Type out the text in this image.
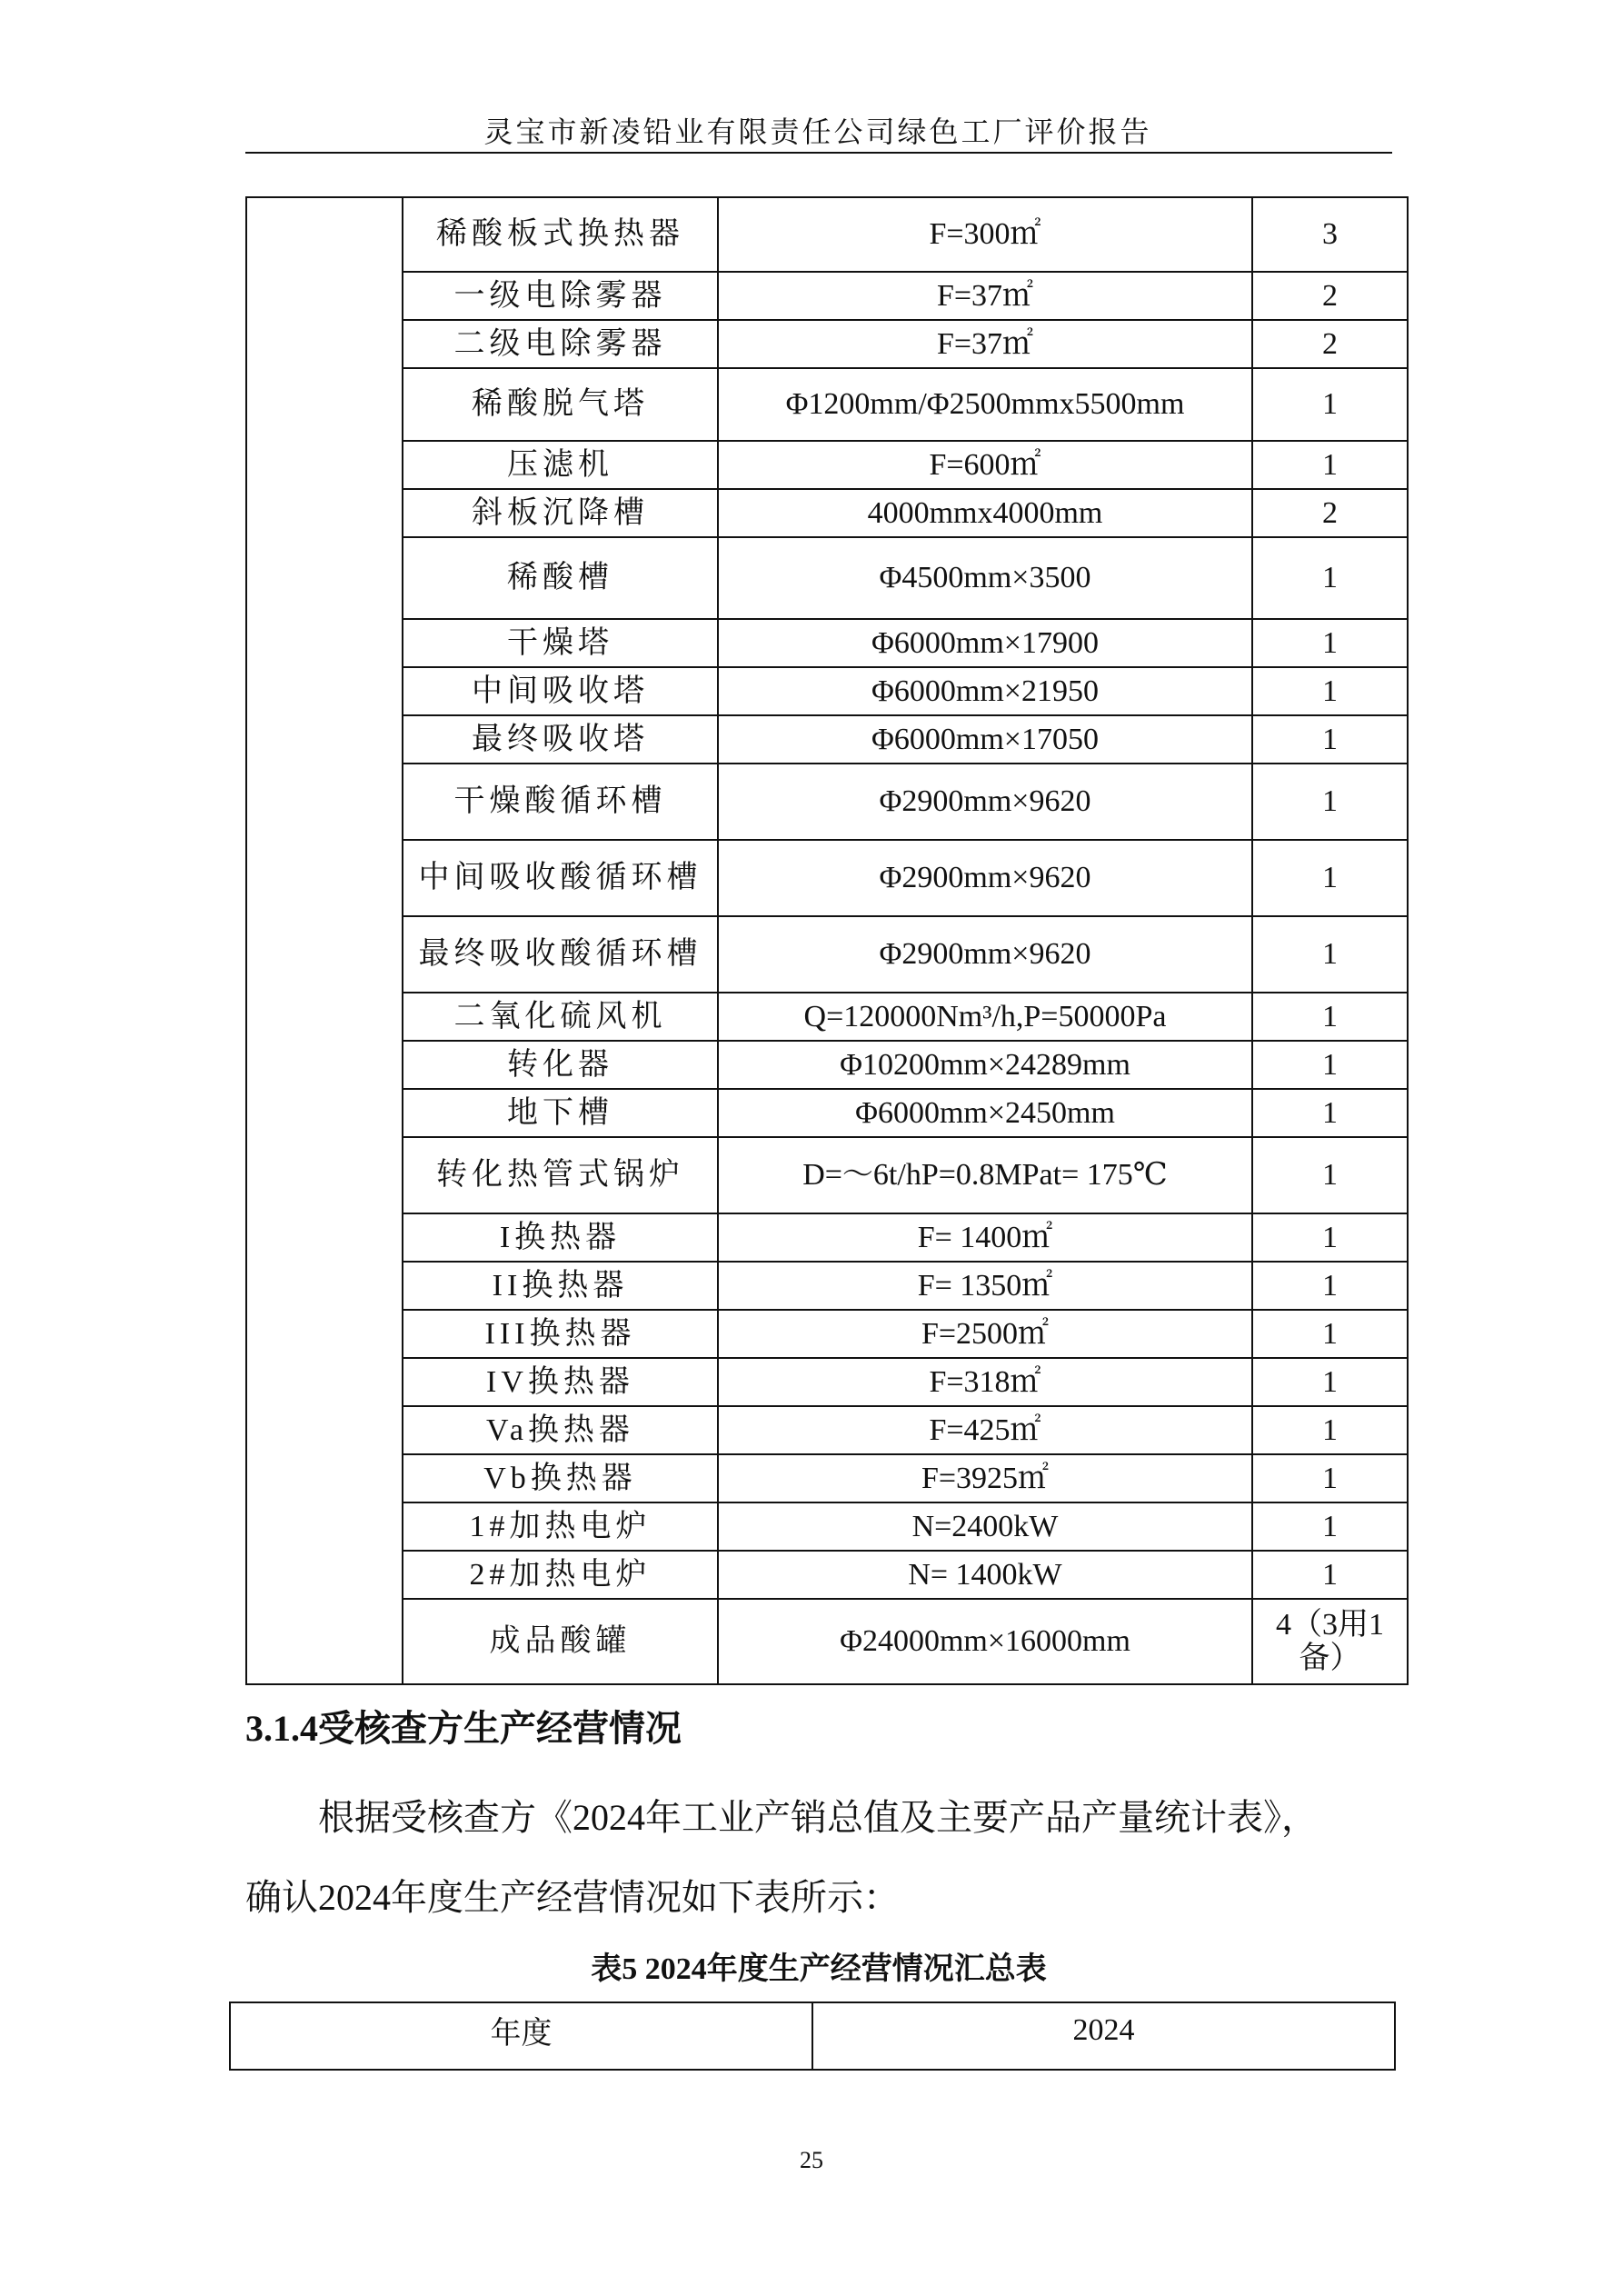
灵宝市新凌铅业有限责任公司绿色工厂评价报告
	稀酸板式换热器	F=300㎡	3
	一级电除雾器	F=37㎡	2
	二级电除雾器	F=37㎡	2
	稀酸脱气塔	Φ1200mm/Φ2500mmx5500mm	1
	压滤机	F=600㎡	1
	斜板沉降槽	4000mmx4000mm	2
	稀酸槽	Φ4500mm×3500	1
	干燥塔	Φ6000mm×17900	1
	中间吸收塔	Φ6000mm×21950	1
	最终吸收塔	Φ6000mm×17050	1
	干燥酸循环槽	Φ2900mm×9620	1
	中间吸收酸循环槽	Φ2900mm×9620	1
	最终吸收酸循环槽	Φ2900mm×9620	1
	二氧化硫风机	Q=120000Nm³/h,P=50000Pa	1
	转化器	Φ10200mm×24289mm	1
	地下槽	Φ6000mm×2450mm	1
	转化热管式锅炉	D=～6t/hP=0.8MPat= 175℃	1
	I换热器	F= 1400㎡	1
	II换热器	F= 1350㎡	1
	III换热器	F=2500㎡	1
	IV换热器	F=318㎡	1
	Va换热器	F=425㎡	1
	Vb换热器	F=3925㎡	1
	1#加热电炉	N=2400kW	1
	2#加热电炉	N= 1400kW	1
	成品酸罐	Φ24000mm×16000mm	4（3用1备）
3.1.4受核查方生产经营情况
根据受核查方《2024年工业产销总值及主要产品产量统计表》，
确认2024年度生产经营情况如下表所示：
表5 2024年度生产经营情况汇总表
年度	2024
25
